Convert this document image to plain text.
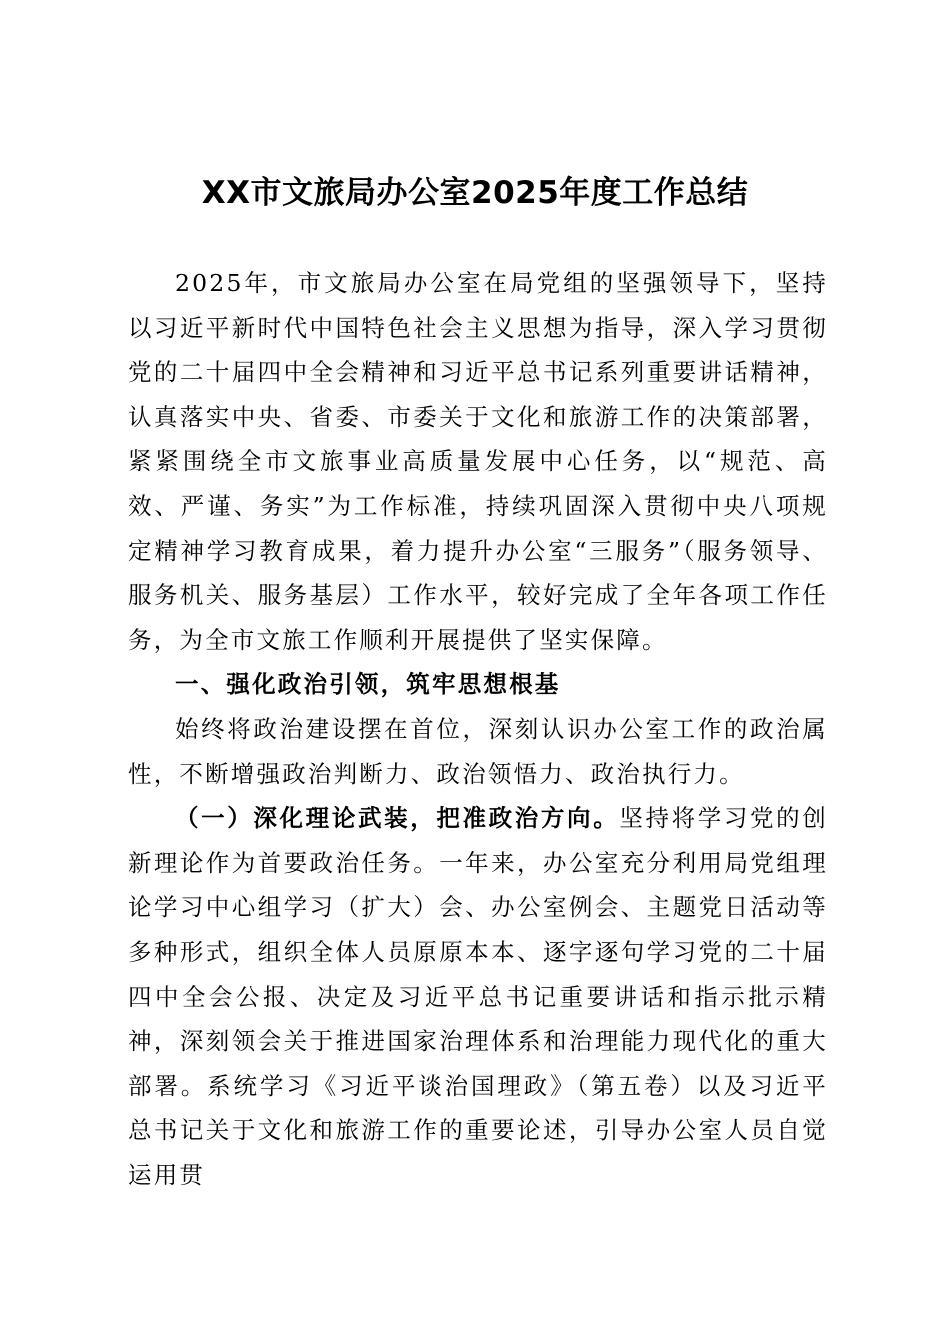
XX市文旅局办公室2025年度工作总结

2025年，市文旅局办公室在局党组的坚强领导下，坚持以习近平新时代中国特色社会主义思想为指导，深入学习贯彻党的二十届四中全会精神和习近平总书记系列重要讲话精神，认真落实中央、省委、市委关于文化和旅游工作的决策部署，紧紧围绕全市文旅事业高质量发展中心任务，以“规范、高效、严谨、务实”为工作标准，持续巩固深入贯彻中央八项规定精神学习教育成果，着力提升办公室“三服务”（服务领导、服务机关、服务基层）工作水平，较好完成了全年各项工作任务，为全市文旅工作顺利开展提供了坚实保障。

一、强化政治引领，筑牢思想根基

始终将政治建设摆在首位，深刻认识办公室工作的政治属性，不断增强政治判断力、政治领悟力、政治执行力。

（一）深化理论武装，把准政治方向。坚持将学习党的创新理论作为首要政治任务。一年来，办公室充分利用局党组理论学习中心组学习（扩大）会、办公室例会、主题党日活动等多种形式，组织全体人员原原本本、逐字逐句学习党的二十届四中全会公报、决定及习近平总书记重要讲话和指示批示精神，深刻领会关于推进国家治理体系和治理能力现代化的重大部署。系统学习《习近平谈治国理政》（第五卷）以及习近平总书记关于文化和旅游工作的重要论述，引导办公室人员自觉运用贯
